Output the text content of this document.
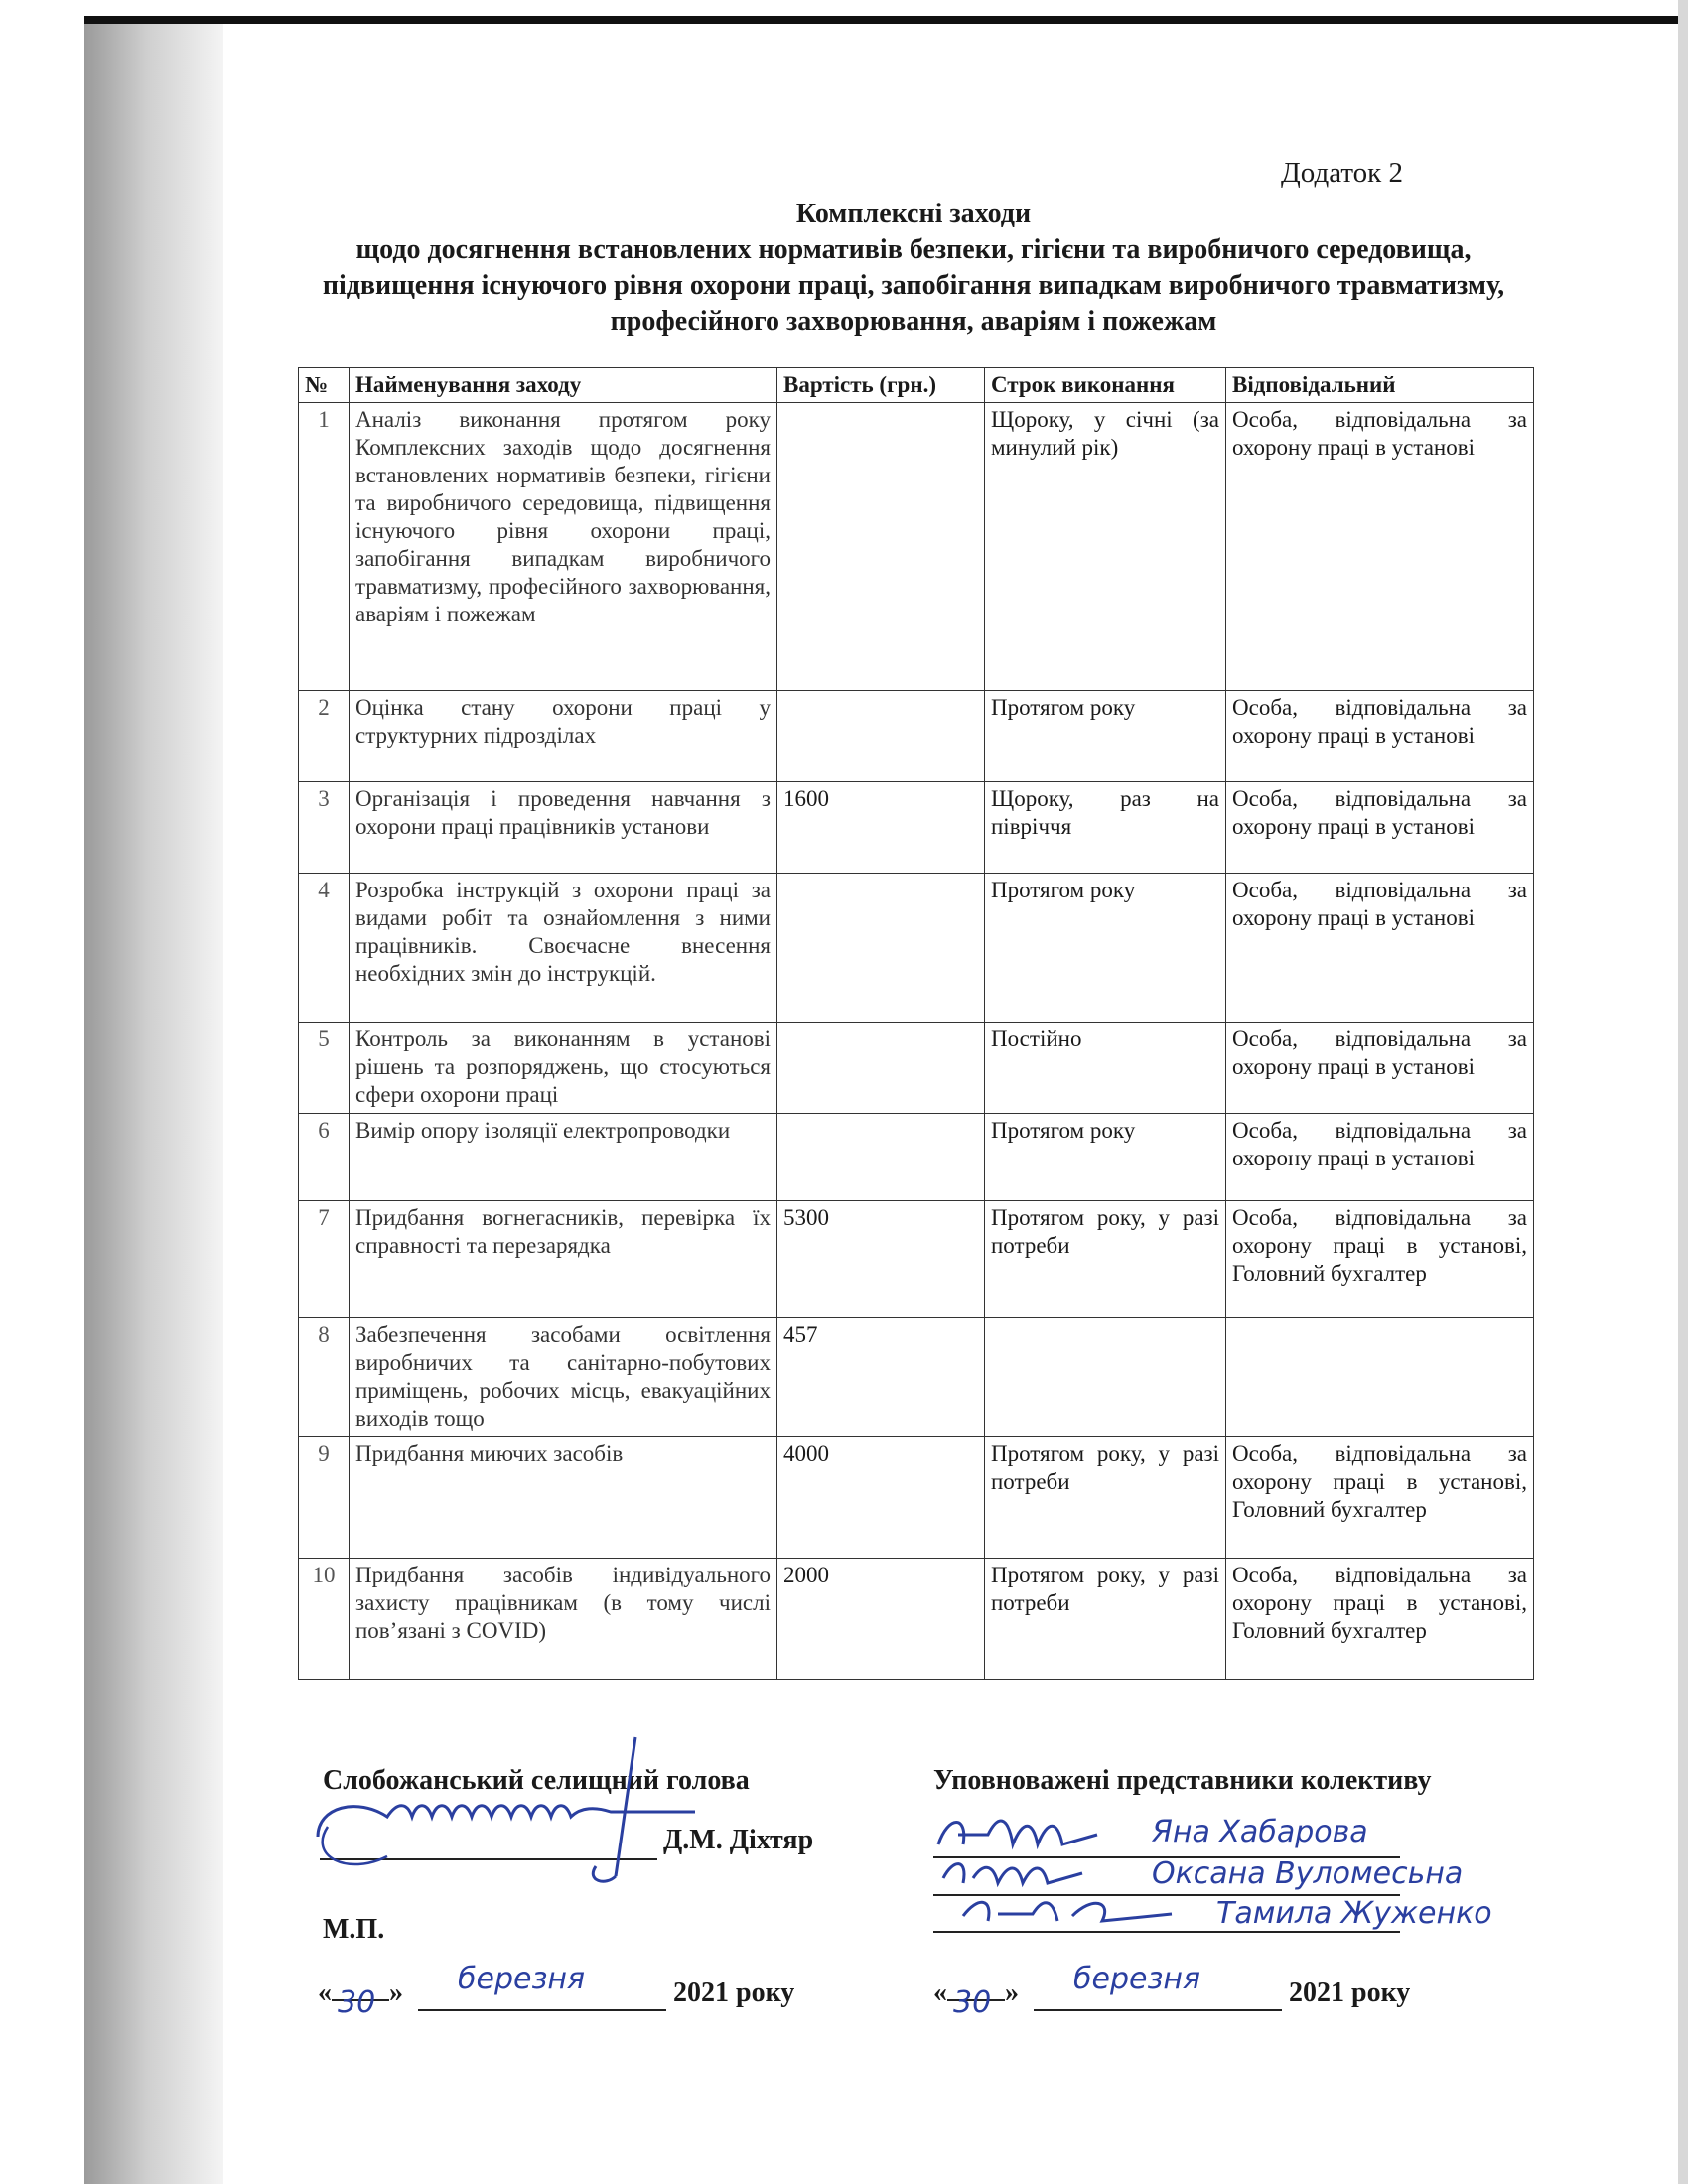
Додаток 2
Комплексні заходи
щодо досягнення встановлених нормативів безпеки, гігієни та виробничого середовища, підвищення існуючого рівня охорони праці, запобігання випадкам виробничого травматизму, професійного захворювання, аваріям і пожежам
№	Найменування заходу	Вартість (грн.)	Строк виконання	Відповідальний
1	Аналіз виконання протягом року Комплексних заходів щодо досягнення встановлених нормативів безпеки, гігієни та виробничого середовища, підвищення існуючого рівня охорони праці, запобігання випадкам виробничого травматизму, професійного захворювання, аваріям і пожежам		Щороку, у січні (за минулий рік)	Особа, відповідальна за охорону праці в установі
2	Оцінка стану охорони праці у структурних підрозділах		Протягом року	Особа, відповідальна за охорону праці в установі
3	Організація і проведення навчання з охорони праці працівників установи	1600	Щороку, раз на півріччя	Особа, відповідальна за охорону праці в установі
4	Розробка інструкцій з охорони праці за видами робіт та ознайомлення з ними працівників. Своєчасне внесення необхідних змін до інструкцій.		Протягом року	Особа, відповідальна за охорону праці в установі
5	Контроль за виконанням в установі рішень та розпоряджень, що стосуються сфери охорони праці		Постійно	Особа, відповідальна за охорону праці в установі
6	Вимір опору ізоляції електропроводки		Протягом року	Особа, відповідальна за охорону праці в установі
7	Придбання вогнегасників, перевірка їх справності та перезарядка	5300	Протягом року, у разі потреби	Особа, відповідальна за охорону праці в установі, Головний бухгалтер
8	Забезпечення засобами освітлення виробничих та санітарно-побутових приміщень, робочих місць, евакуаційних виходів тощо	457		
9	Придбання миючих засобів	4000	Протягом року, у разі потреби	Особа, відповідальна за охорону праці в установі, Головний бухгалтер
10	Придбання засобів індивідуального захисту працівникам (в тому числі пов’язані з COVID)	2000	Протягом року, у разі потреби	Особа, відповідальна за охорону праці в установі, Головний бухгалтер
Слобожанський селищний голова
Д.М. Діхтяр
М.П.
« 30 » березня	2021 року
Уповноважені представники колективу
Яна Хабарова
Оксана Вуломесьна
Тамила Жуженко
« 30 » березня	2021 року
